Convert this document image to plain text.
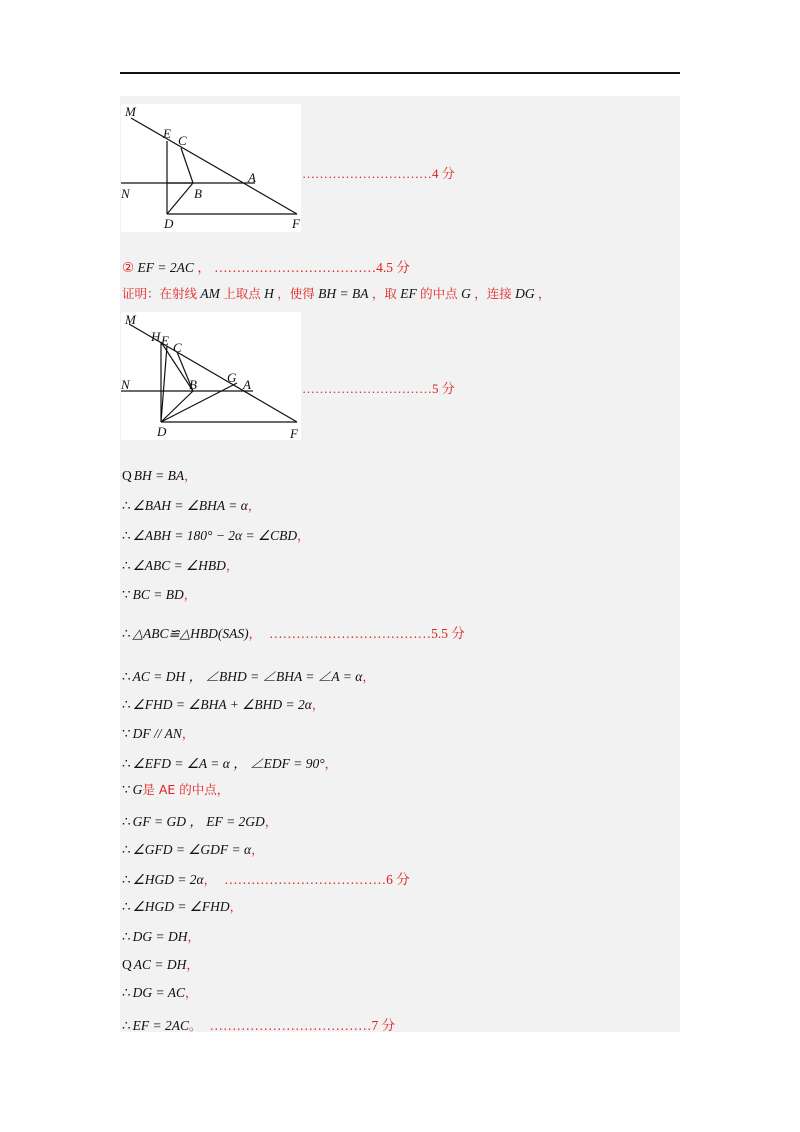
M
E C
A
N	B
D	F
…………………………4 分
② EF = 2AC ， ………………………………4.5 分
证明：在射线 AM 上取点 H ，使得 BH = BA ，取 EF 的中点 G ，连接 DG ，
M
H E C
N	B G A
D	F
…………………………5 分
Q BH = BA，
∴ ∠BAH = ∠BHA = α，
∴ ∠ABH = 180° − 2α = ∠CBD，
∴ ∠ABC = ∠HBD，
∵ BC = BD，
∴ △ABC≌△HBD(SAS)， ………………………………5.5 分
∴ AC = DH ， ∠BHD = ∠BHA = ∠A = α，
∴ ∠FHD = ∠BHA + ∠BHD = 2α，
∵ DF // AN，
∴ ∠EFD = ∠A = α ， ∠EDF = 90°，
∵ G是 AE 的中点，
∴ GF = GD ， EF = 2GD，
∴ ∠GFD = ∠GDF = α，
∴ ∠HGD = 2α， ………………………………6 分
∴ ∠HGD = ∠FHD，
∴ DG = DH，
Q AC = DH，
∴ DG = AC，
∴ EF = 2AC。 ………………………………7 分
